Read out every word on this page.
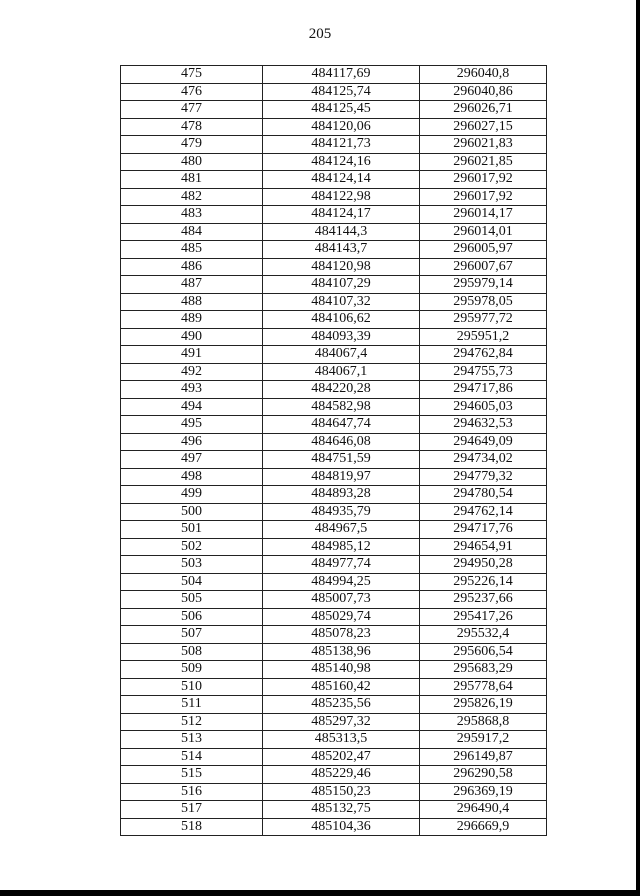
205
475	484117,69	296040,8
476	484125,74	296040,86
477	484125,45	296026,71
478	484120,06	296027,15
479	484121,73	296021,83
480	484124,16	296021,85
481	484124,14	296017,92
482	484122,98	296017,92
483	484124,17	296014,17
484	484144,3	296014,01
485	484143,7	296005,97
486	484120,98	296007,67
487	484107,29	295979,14
488	484107,32	295978,05
489	484106,62	295977,72
490	484093,39	295951,2
491	484067,4	294762,84
492	484067,1	294755,73
493	484220,28	294717,86
494	484582,98	294605,03
495	484647,74	294632,53
496	484646,08	294649,09
497	484751,59	294734,02
498	484819,97	294779,32
499	484893,28	294780,54
500	484935,79	294762,14
501	484967,5	294717,76
502	484985,12	294654,91
503	484977,74	294950,28
504	484994,25	295226,14
505	485007,73	295237,66
506	485029,74	295417,26
507	485078,23	295532,4
508	485138,96	295606,54
509	485140,98	295683,29
510	485160,42	295778,64
511	485235,56	295826,19
512	485297,32	295868,8
513	485313,5	295917,2
514	485202,47	296149,87
515	485229,46	296290,58
516	485150,23	296369,19
517	485132,75	296490,4
518	485104,36	296669,9
